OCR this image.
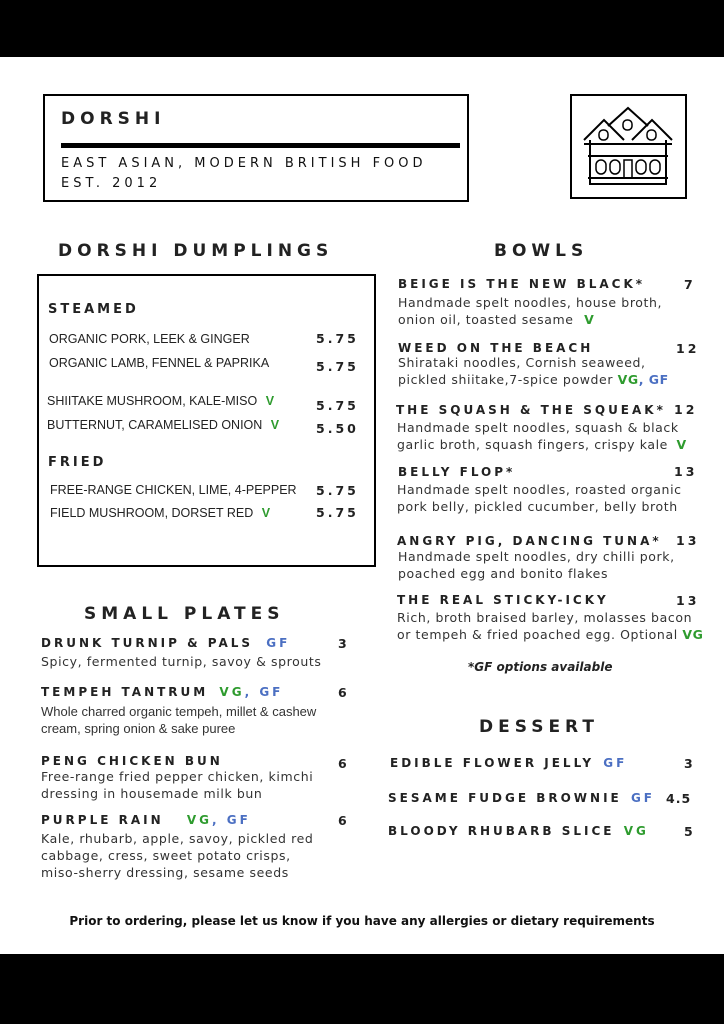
DORSHI
EAST ASIAN, MODERN BRITISH FOOD
EST. 2012
DORSHI DUMPLINGS
STEAMED
ORGANIC PORK, LEEK & GINGER	5.75
ORGANIC LAMB, FENNEL & PAPRIKA	5.75
SHIITAKE MUSHROOM, KALE-MISO V	5.75
BUTTERNUT, CARAMELISED ONION V	5.50
FRIED
FREE-RANGE CHICKEN, LIME, 4-PEPPER 5.75
FIELD MUSHROOM, DORSET RED V	5.75
SMALL PLATES
DRUNK TURNIP & PALS GF	3
Spicy, fermented turnip, savoy & sprouts
TEMPEH TANTRUM VG, GF	6
Whole charred organic tempeh, millet & cashew cream, spring onion & sake puree
PENG CHICKEN BUN	6
Free-range fried pepper chicken, kimchi dressing in housemade milk bun
PURPLE RAIN VG, GF	6
Kale, rhubarb, apple, savoy, pickled red cabbage, cress, sweet potato crisps, miso-sherry dressing, sesame seeds
BOWLS
BEIGE IS THE NEW BLACK*	7
Handmade spelt noodles, house broth, onion oil, toasted sesame V
WEED ON THE BEACH	12
Shirataki noodles, Cornish seaweed, pickled shiitake,7-spice powder VG, GF
THE SQUASH & THE SQUEAK* 12
Handmade spelt noodles, squash & black garlic broth, squash fingers, crispy kale V
BELLY FLOP*	13
Handmade spelt noodles, roasted organic pork belly, pickled cucumber, belly broth
ANGRY PIG, DANCING TUNA* 13
Handmade spelt noodles, dry chilli pork, poached egg and bonito flakes
THE REAL STICKY-ICKY	13
Rich, broth braised barley, molasses bacon or tempeh & fried poached egg. Optional VG
*GF options available
DESSERT
EDIBLE FLOWER JELLY GF	3
SESAME FUDGE BROWNIE GF 4.5
BLOODY RHUBARB SLICE VG	5
Prior to ordering, please let us know if you have any allergies or dietary requirements
